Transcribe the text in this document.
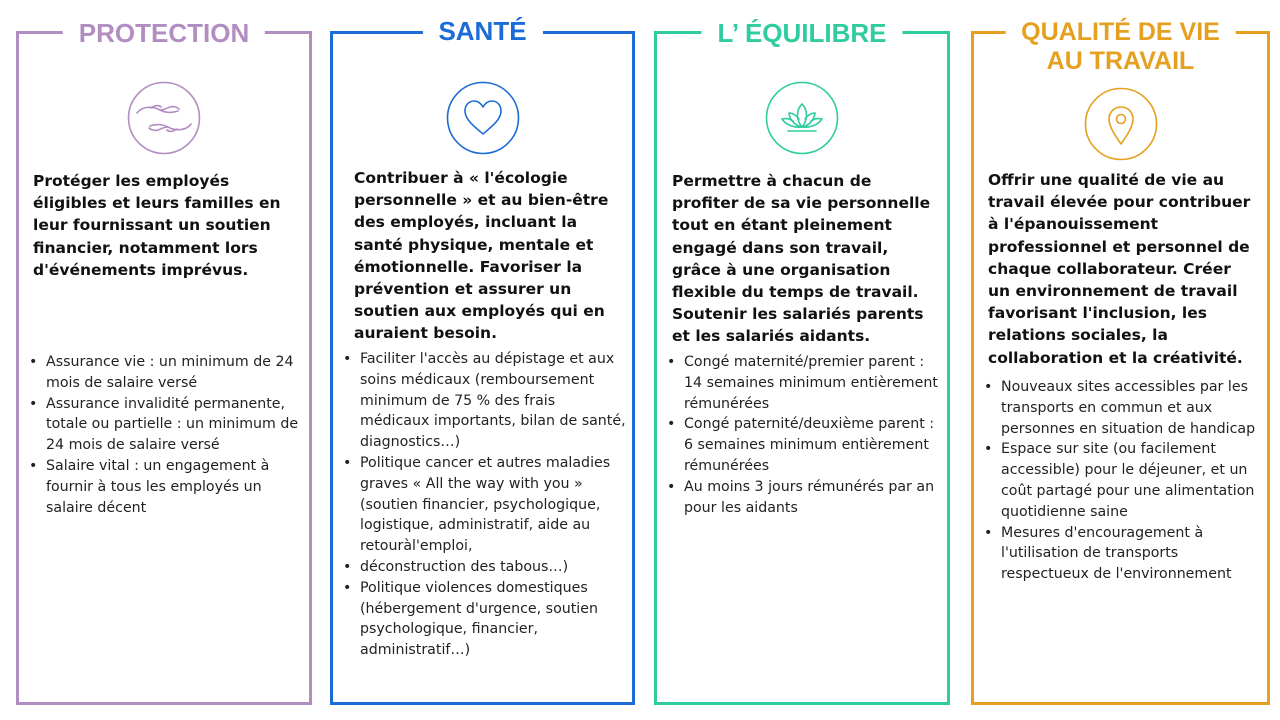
PROTECTION

Protéger les employés éligibles et leurs familles en leur fournissant un soutien financier, notamment lors d'événements imprévus.

• Assurance vie : un minimum de 24 mois de salaire versé
• Assurance invalidité permanente, totale ou partielle : un minimum de 24 mois de salaire versé
• Salaire vital : un engagement à fournir à tous les employés un salaire décent
SANTÉ

Contribuer à « l'écologie personnelle » et au bien-être des employés, incluant la santé physique, mentale et émotionnelle. Favoriser la prévention et assurer un soutien aux employés qui en auraient besoin.

• Faciliter l'accès au dépistage et aux soins médicaux (remboursement minimum de 75 % des frais médicaux importants, bilan de santé, diagnostics…)
• Politique cancer et autres maladies graves « All the way with you » (soutien financier, psychologique, logistique, administratif, aide au retouràl'emploi,
• déconstruction des tabous…)
• Politique violences domestiques (hébergement d'urgence, soutien psychologique, financier, administratif…)
L’ ÉQUILIBRE

Permettre à chacun de profiter de sa vie personnelle tout en étant pleinement engagé dans son travail, grâce à une organisation flexible du temps de travail. Soutenir les salariés parents et les salariés aidants.

• Congé maternité/premier parent : 14 semaines minimum entièrement rémunérées
• Congé paternité/deuxième parent : 6 semaines minimum entièrement rémunérées
• Au moins 3 jours rémunérés par an pour les aidants
QUALITÉ DE VIE
AU TRAVAIL

Offrir une qualité de vie au travail élevée pour contribuer à l'épanouissement professionnel et personnel de chaque collaborateur. Créer un environnement de travail favorisant l'inclusion, les relations sociales, la collaboration et la créativité.

• Nouveaux sites accessibles par les transports en commun et aux personnes en situation de handicap
• Espace sur site (ou facilement accessible) pour le déjeuner, et un coût partagé pour une alimentation quotidienne saine
• Mesures d'encouragement à l'utilisation de transports respectueux de l'environnement
